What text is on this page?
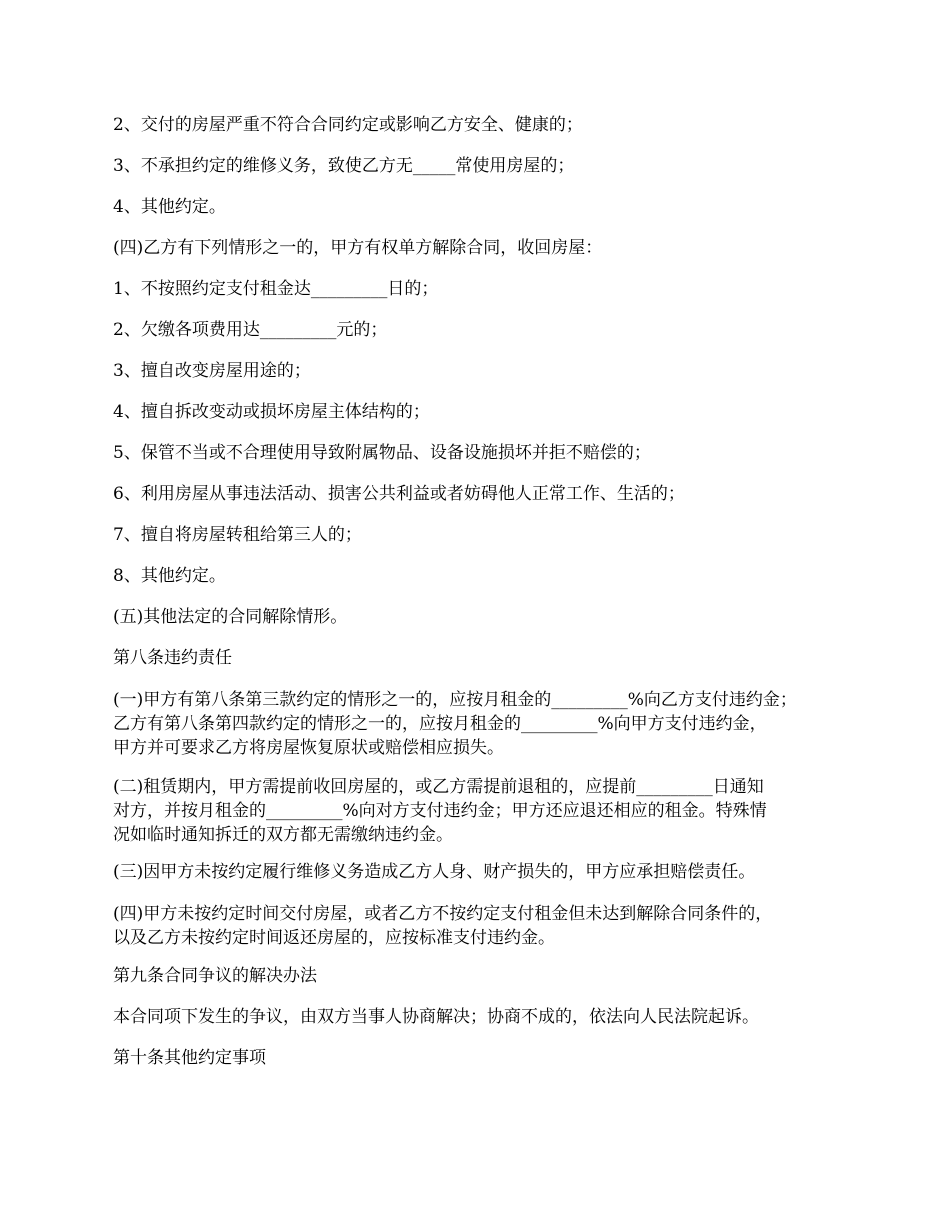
2、交付的房屋严重不符合合同约定或影响乙方安全、健康的；
3、不承担约定的维修义务，致使乙方无_____常使用房屋的；
4、其他约定。
(四)乙方有下列情形之一的，甲方有权单方解除合同，收回房屋：
1、不按照约定支付租金达_________日的；
2、欠缴各项费用达_________元的；
3、擅自改变房屋用途的；
4、擅自拆改变动或损坏房屋主体结构的；
5、保管不当或不合理使用导致附属物品、设备设施损坏并拒不赔偿的；
6、利用房屋从事违法活动、损害公共利益或者妨碍他人正常工作、生活的；
7、擅自将房屋转租给第三人的；
8、其他约定。
(五)其他法定的合同解除情形。
第八条违约责任
(一)甲方有第八条第三款约定的情形之一的，应按月租金的_________%向乙方支付违约金；
乙方有第八条第四款约定的情形之一的，应按月租金的_________%向甲方支付违约金，
甲方并可要求乙方将房屋恢复原状或赔偿相应损失。
(二)租赁期内，甲方需提前收回房屋的，或乙方需提前退租的，应提前_________日通知
对方，并按月租金的_________%向对方支付违约金；甲方还应退还相应的租金。特殊情
况如临时通知拆迁的双方都无需缴纳违约金。
(三)因甲方未按约定履行维修义务造成乙方人身、财产损失的，甲方应承担赔偿责任。
(四)甲方未按约定时间交付房屋，或者乙方不按约定支付租金但未达到解除合同条件的，
以及乙方未按约定时间返还房屋的，应按标准支付违约金。
第九条合同争议的解决办法
本合同项下发生的争议，由双方当事人协商解决；协商不成的，依法向人民法院起诉。
第十条其他约定事项
